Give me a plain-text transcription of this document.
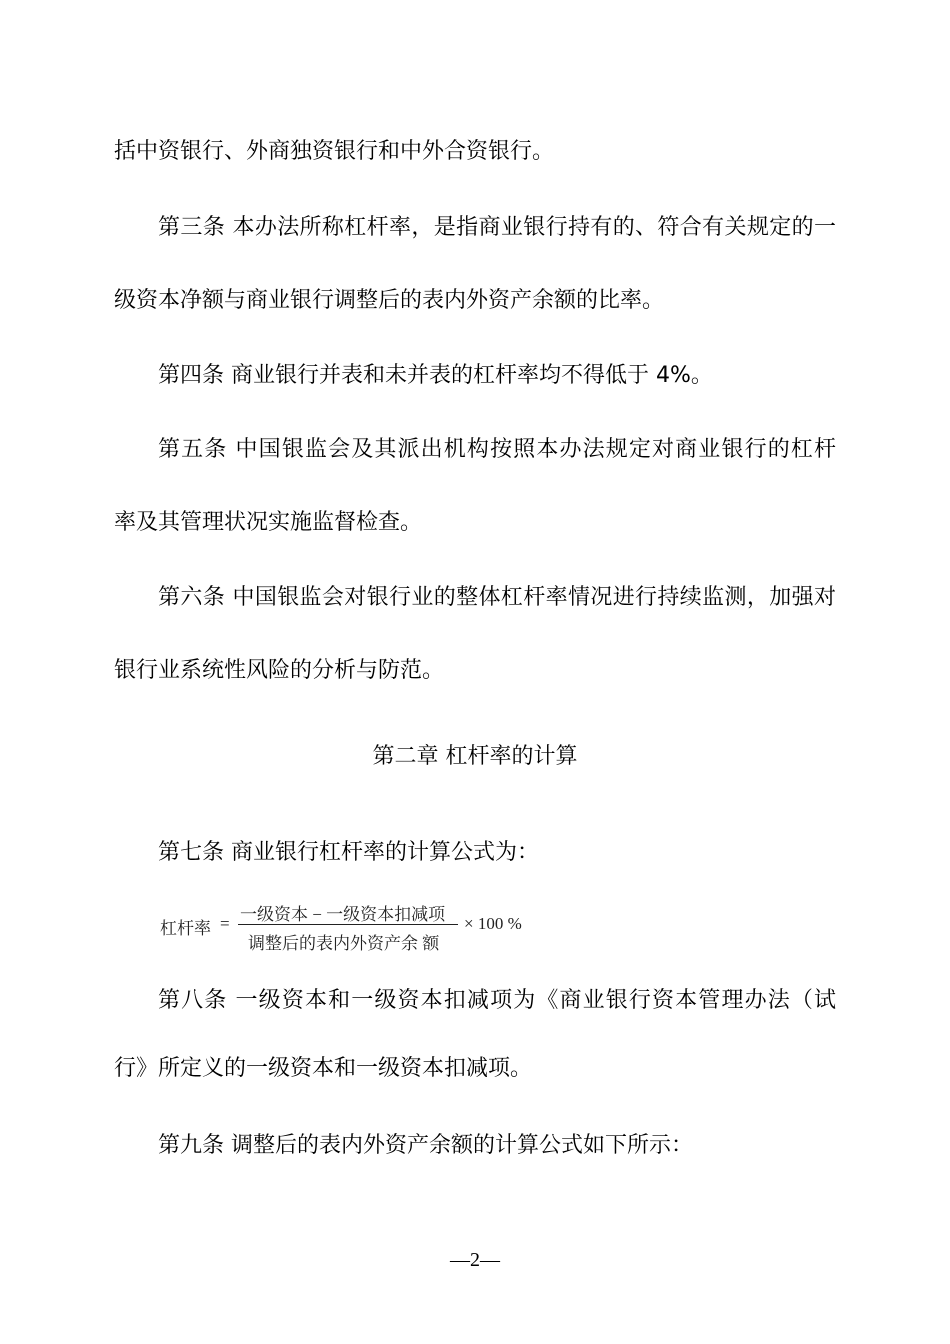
括中资银行、外商独资银行和中外合资银行。
第三条 本办法所称杠杆率，是指商业银行持有的、符合有关规定的一
级资本净额与商业银行调整后的表内外资产余额的比率。
第四条 商业银行并表和未并表的杠杆率均不得低于 4%。
第五条 中国银监会及其派出机构按照本办法规定对商业银行的杠杆
率及其管理状况实施监督检查。
第六条 中国银监会对银行业的整体杠杆率情况进行持续监测，加强对
银行业系统性风险的分析与防范。
第二章 杠杆率的计算
第七条 商业银行杠杆率的计算公式为：
杠杆率 = 一级资本 − 一级资本扣减项
调整后的表内外资产余 额
× 100 %
第八条 一级资本和一级资本扣减项为《商业银行资本管理办法（试
行》所定义的一级资本和一级资本扣减项。
第九条 调整后的表内外资产余额的计算公式如下所示：
—2—
